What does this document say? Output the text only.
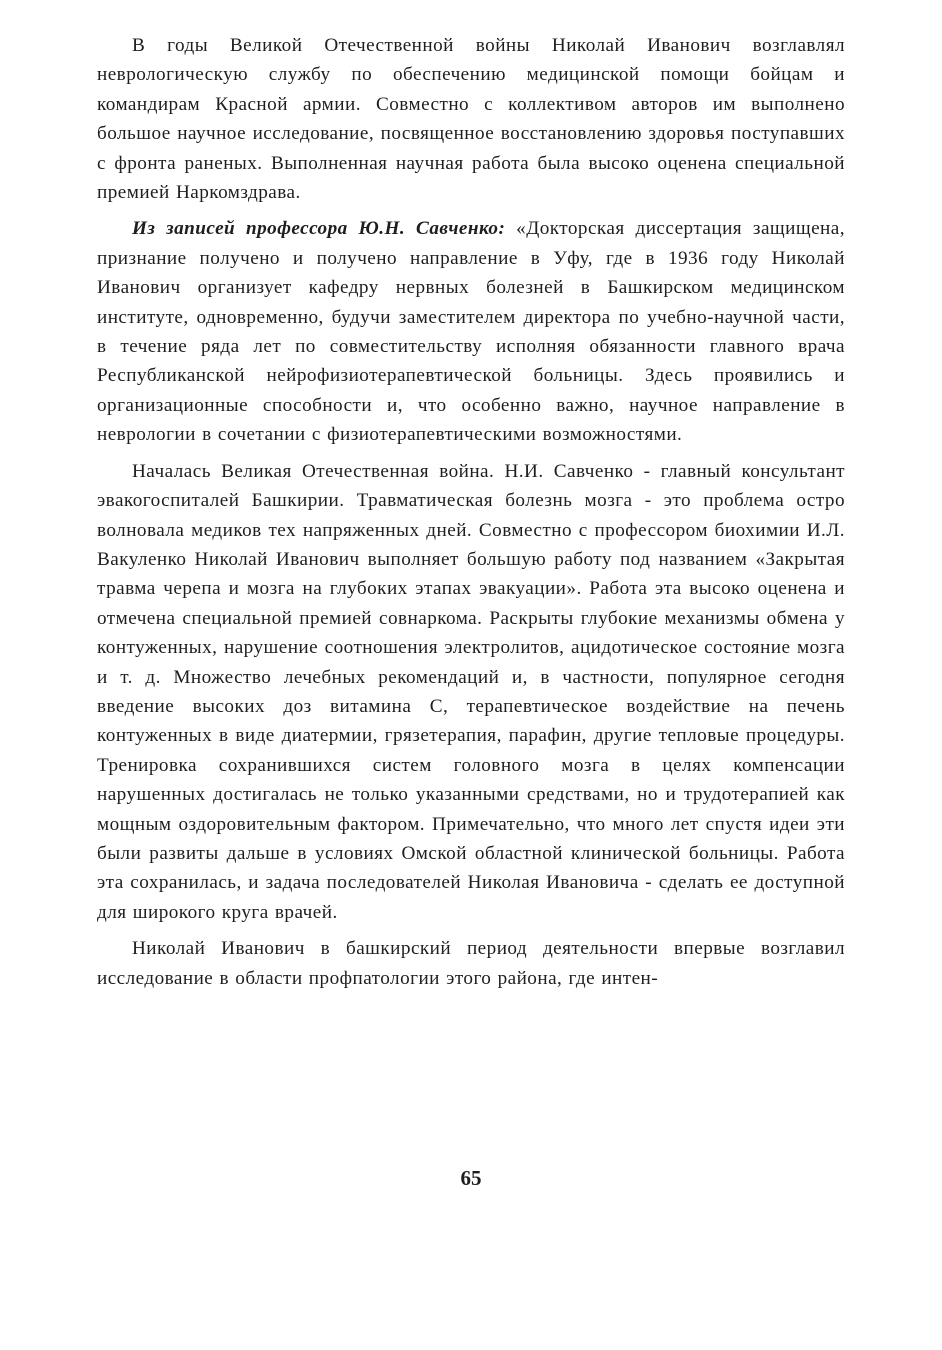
В годы Великой Отечественной войны Николай Иванович возглавлял неврологическую службу по обеспечению медицинской помощи бойцам и командирам Красной армии. Совместно с коллективом авторов им выполнено большое научное исследование, посвященное восстановлению здоровья поступавших с фронта раненых. Выполненная научная работа была высоко оценена специальной премией Наркомздрава.

Из записей профессора Ю.Н. Савченко: «Докторская диссертация защищена, признание получено и получено направление в Уфу, где в 1936 году Николай Иванович организует кафедру нервных болезней в Башкирском медицинском институте, одновременно, будучи заместителем директора по учебно-научной части, в течение ряда лет по совместительству исполняя обязанности главного врача Республиканской нейрофизиотерапевтической больницы. Здесь проявились и организационные способности и, что особенно важно, научное направление в неврологии в сочетании с физиотерапевтическими возможностями.

Началась Великая Отечественная война. Н.И. Савченко - главный консультант эвакогоспиталей Башкирии. Травматическая болезнь мозга - это проблема остро волновала медиков тех напряженных дней. Совместно с профессором биохимии И.Л. Вакуленко Николай Иванович выполняет большую работу под названием «Закрытая травма черепа и мозга на глубоких этапах эвакуации». Работа эта высоко оценена и отмечена специальной премией совнаркома. Раскрыты глубокие механизмы обмена у контуженных, нарушение соотношения электролитов, ацидотическое состояние мозга и т. д. Множество лечебных рекомендаций и, в частности, популярное сегодня введение высоких доз витамина С, терапевтическое воздействие на печень контуженных в виде диатермии, грязетерапия, парафин, другие тепловые процедуры. Тренировка сохранившихся систем головного мозга в целях компенсации нарушенных достигалась не только указанными средствами, но и трудотерапией как мощным оздоровительным фактором. Примечательно, что много лет спустя идеи эти были развиты дальше в условиях Омской областной клинической больницы. Работа эта сохранилась, и задача последователей Николая Ивановича - сделать ее доступной для широкого круга врачей.

Николай Иванович в башкирский период деятельности впервые возглавил исследование в области профпатологии этого района, где интен-

65
